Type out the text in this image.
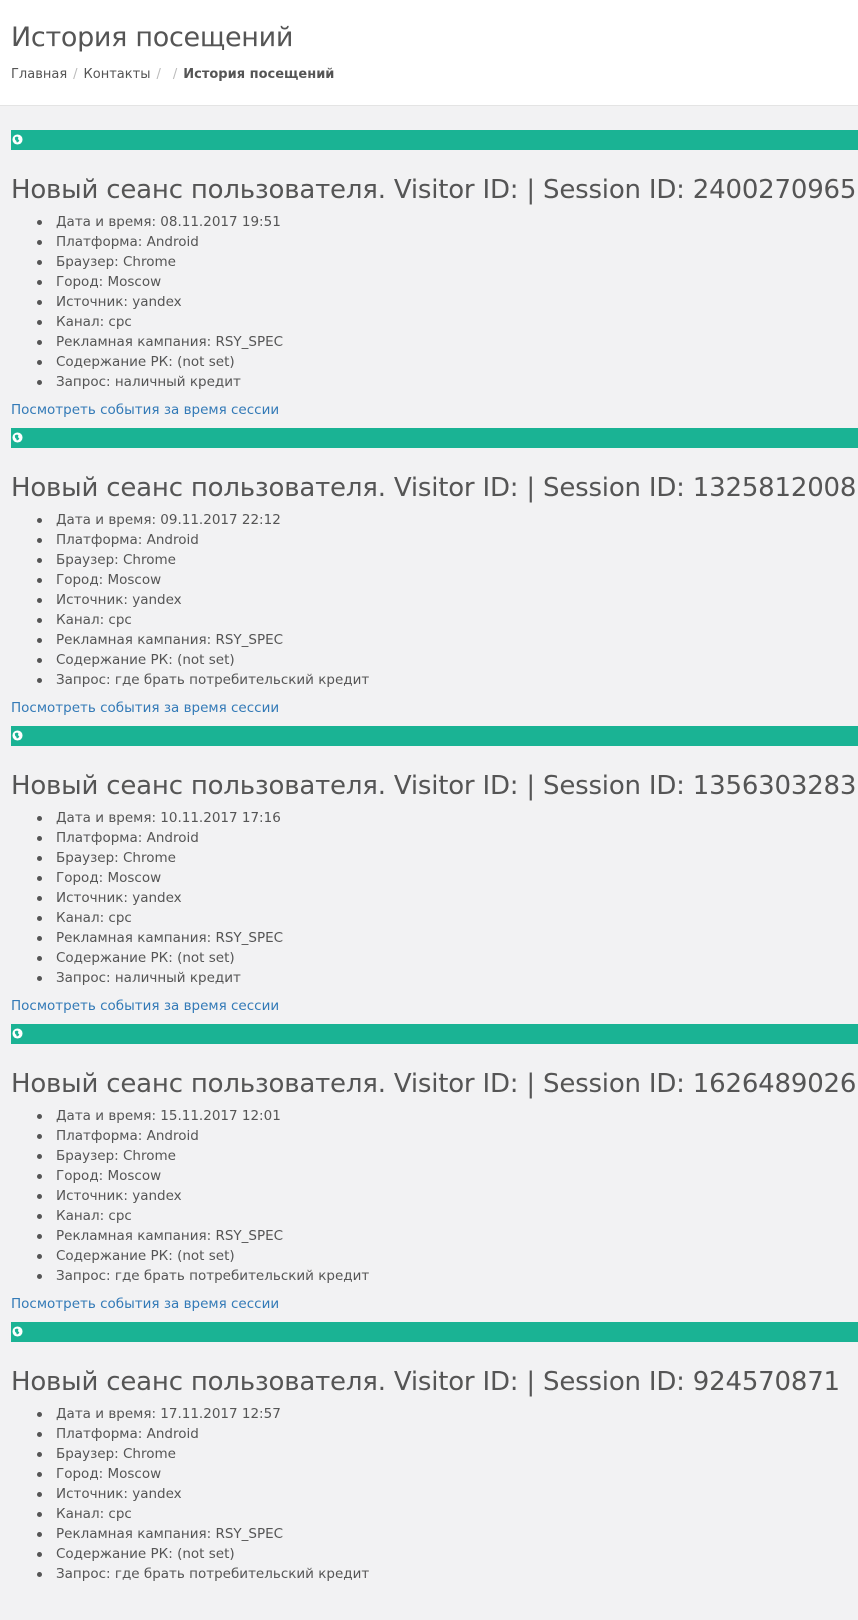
История посещений
Главная / Контакты / / История посещений
Новый сеанс пользователя. Visitor ID: | Session ID: 2400270965
Дата и время: 08.11.2017 19:51
Платформа: Android
Браузер: Chrome
Город: Moscow
Источник: yandex
Канал: cpc
Рекламная кампания: RSY_SPEC
Содержание РК: (not set)
Запрос: наличный кредит
Посмотреть события за время сессии
Новый сеанс пользователя. Visitor ID: | Session ID: 1325812008
Дата и время: 09.11.2017 22:12
Платформа: Android
Браузер: Chrome
Город: Moscow
Источник: yandex
Канал: cpc
Рекламная кампания: RSY_SPEC
Содержание РК: (not set)
Запрос: где брать потребительский кредит
Посмотреть события за время сессии
Новый сеанс пользователя. Visitor ID: | Session ID: 1356303283
Дата и время: 10.11.2017 17:16
Платформа: Android
Браузер: Chrome
Город: Moscow
Источник: yandex
Канал: cpc
Рекламная кампания: RSY_SPEC
Содержание РК: (not set)
Запрос: наличный кредит
Посмотреть события за время сессии
Новый сеанс пользователя. Visitor ID: | Session ID: 1626489026
Дата и время: 15.11.2017 12:01
Платформа: Android
Браузер: Chrome
Город: Moscow
Источник: yandex
Канал: cpc
Рекламная кампания: RSY_SPEC
Содержание РК: (not set)
Запрос: где брать потребительский кредит
Посмотреть события за время сессии
Новый сеанс пользователя. Visitor ID: | Session ID: 924570871
Дата и время: 17.11.2017 12:57
Платформа: Android
Браузер: Chrome
Город: Moscow
Источник: yandex
Канал: cpc
Рекламная кампания: RSY_SPEC
Содержание РК: (not set)
Запрос: где брать потребительский кредит
